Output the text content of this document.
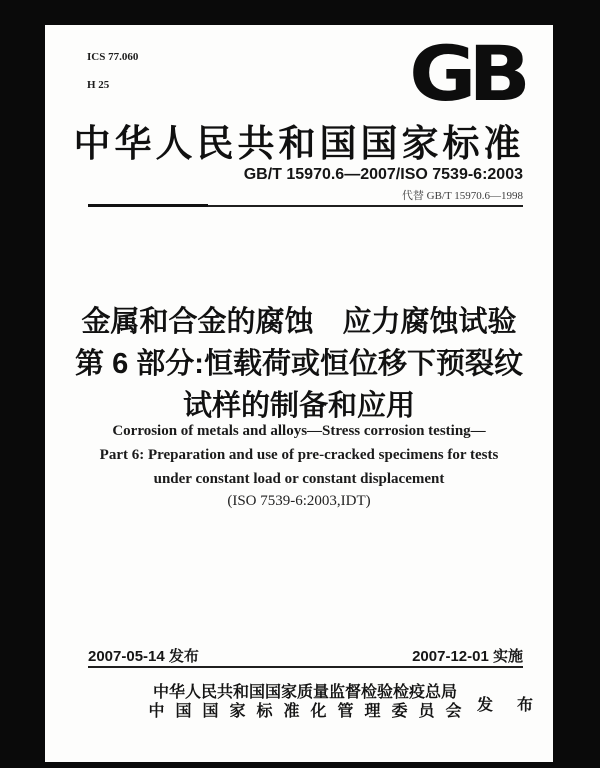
ICS 77.060

H 25	GB
中华人民共和国国家标准
GB/T 15970.6—2007/ISO 7539-6:2003
代替 GB/T 15970.6—1998
金属和合金的腐蚀　应力腐蚀试验
第 6 部分:恒载荷或恒位移下预裂纹
试样的制备和应用
Corrosion of metals and alloys—Stress corrosion testing—
Part 6: Preparation and use of pre-cracked specimens for tests
under constant load or constant displacement
(ISO 7539-6:2003,IDT)
2007-05-14 发布	2007-12-01 实施
中华人民共和国国家质量监督检验检疫总局
中国国家标准化管理委员会 发 布
